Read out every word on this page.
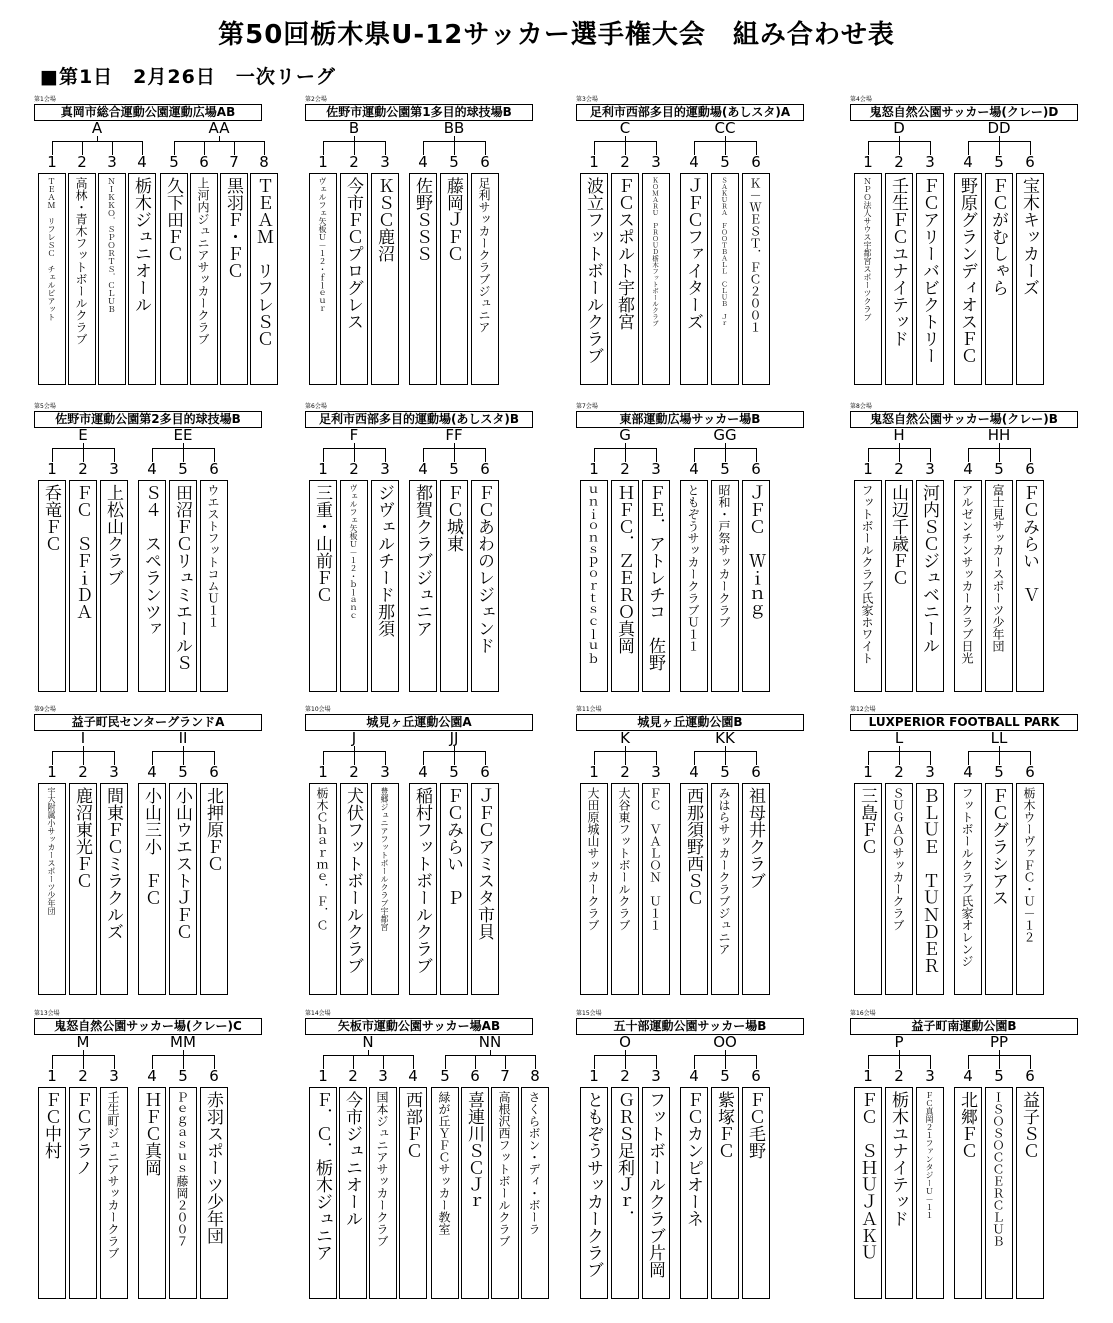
第50回栃木県U-12サッカー選手権大会　組み合わせ表
■第1日　2月26日　一次リーグ
第1会場
真岡市総合運動公園運動広場AB
A
1
ＴＥＡＭ　リフレＳＣ　チェルビアット
2
高林・青木フットボールクラブ
3
ＮＩＫＫＯ．ＳＰＯＲＴＳ．ＣＬＵＢ
4
栃木ジュニオール
AA
5
久下田ＦＣ
6
上河内ジュニアサッカークラブ
7
黒羽Ｆ・ＦＣ
8
ＴＥＡＭ　リフレＳＣ
第2会場
佐野市運動公園第1多目的球技場B
B
1
ヴェルフェ矢板Ｕ－１２・ｆｌｅｕｒ
2
今市ＦＣプログレス
3
ＫＳＣ鹿沼
BB
4
佐野ＳＳＳ
5
藤岡ＪＦＣ
6
足利サッカークラブジュニア
第3会場
足利市西部多目的運動場(あしスタ)A
C
1
波立フットボールクラブ
2
ＦＣスポルト宇都宮
3
ＫＯＭＡＲＵ　ＰＲＯＵＤ栃木フットボールクラブ
CC
4
ＪＦＣファイターズ
5
ＳＡＫＵＲＡ　ＦＯＯＴＢＡＬＬ　ＣＬＵＢ　Ｊｒ
6
Ｋ－ＷＥＳＴ．ＦＣ２００１
第4会場
鬼怒自然公園サッカー場(クレー)D
D
1
ＮＰＯ法人サウス宇都宮スポーツクラブ
2
壬生ＦＣユナイテッド
3
ＦＣアリーバビクトリー
DD
4
野原グランディオスＦＣ
5
ＦＣがむしゃら
6
宝木キッカーズ
第5会場
佐野市運動公園第2多目的球技場B
E
1
呑竜ＦＣ
2
ＦＣ　ＳＦｉＤＡ
3
上松山クラブ
EE
4
Ｓ４　スペランツァ
5
田沼ＦＣリュミエールＳ
6
ウエストフットコムＵ１１
第6会場
足利市西部多目的運動場(あしスタ)B
F
1
三重・山前ＦＣ
2
ヴェルフェ矢板Ｕ－１２・ｂｌａｎｃ
3
ジヴェルチード那須
FF
4
都賀クラブジュニア
5
ＦＣ城東
6
ＦＣあわのレジェンド
第7会場
東部運動広場サッカー場B
G
1
ｕｎｉｏｎｓｐｏｒｔｓｃｌｕｂ
2
ＨＦＣ．ＺＥＲＯ真岡
3
ＦＥ．アトレチコ　佐野
GG
4
ともぞうサッカークラブＵ１１
5
昭和・戸祭サッカークラブ
6
ＪＦＣ　Ｗｉｎｇ
第8会場
鬼怒自然公園サッカー場(クレー)B
H
1
フットボールクラブ氏家ホワイト
2
山辺千歳ＦＣ
3
河内ＳＣジュベニール
HH
4
アルゼンチンサッカークラブ日光
5
富士見サッカースポーツ少年団
6
ＦＣみらい　Ｖ
第9会場
益子町民センターグランドA
I
1
宇大附属小サッカースポーツ少年団
2
鹿沼東光ＦＣ
3
間東ＦＣミラクルズ
II
4
小山三小　ＦＣ
5
小山ウエストＪＦＣ
6
北押原ＦＣ
第10会場
城見ヶ丘運動公園A
J
1
栃木Ｃｈａｒｍｅ．Ｆ．Ｃ
2
犬伏フットボールクラブ
3
豊郷ジュニアフットボールクラブ宇都宮
JJ
4
稲村フットボールクラブ
5
ＦＣみらい　Ｐ
6
ＪＦＣアミスタ市貝
第11会場
城見ヶ丘運動公園B
K
1
大田原城山サッカークラブ
2
大谷東フットボールクラブ
3
ＦＣ　ＶＡＬＯＮ　Ｕ１１
KK
4
西那須野西ＳＣ
5
みはらサッカークラブジュニア
6
祖母井クラブ
第12会場
LUXPERIOR FOOTBALL PARK
L
1
三島ＦＣ
2
ＳＵＧＡＯサッカークラブ
3
ＢＬＵＥ　ＴＵＮＤＥＲ
LL
4
フットボールクラブ氏家オレンジ
5
ＦＣグラシアス
6
栃木ウーヴァＦＣ・Ｕ－１２
第13会場
鬼怒自然公園サッカー場(クレー)C
M
1
ＦＣ中村
2
ＦＣアラノ
3
壬生町ジュニアサッカークラブ
MM
4
ＨＦＣ真岡
5
Ｐｅｇａｓｕｓ藤岡２００７
6
赤羽スポーツ少年団
第14会場
矢板市運動公園サッカー場AB
N
1
Ｆ．Ｃ．栃木ジュニア
2
今市ジュニオール
3
国本ジュニアサッカークラブ
4
西部ＦＣ
NN
5
緑が丘ＹＦＣサッカー教室
6
喜連川ＳＣＪｒ
7
高根沢西フットボールクラブ
8
さくらボン・ディ・ボーラ
第15会場
五十部運動公園サッカー場B
O
1
ともぞうサッカークラブ
2
ＧＲＳ足利Ｊｒ．
3
フットボールクラブ片岡
OO
4
ＦＣカンピオーネ
5
紫塚ＦＣ
6
ＦＣ毛野
第16会場
益子町南運動公園B
P
1
ＦＣ　ＳＨＵＪＡＫＵ
2
栃木ユナイテッド
3
ＦＣ真岡２１ファンタジーＵ－１１
PP
4
北郷ＦＣ
5
ＩＳＯＳＯＣＣＥＲＣＬＵＢ
6
益子ＳＣ
